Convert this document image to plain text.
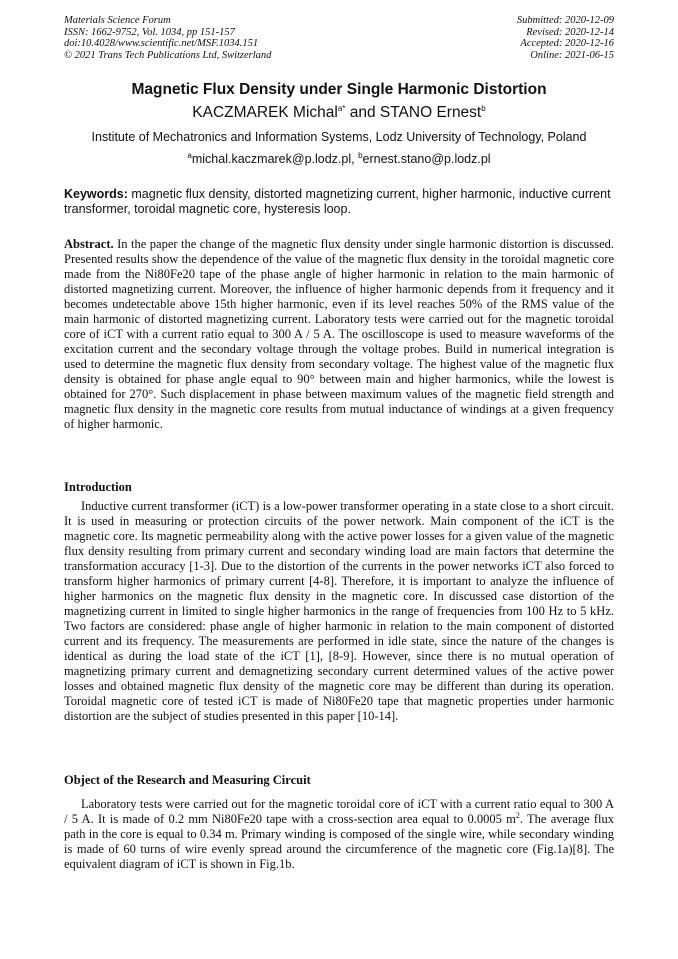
Materials Science Forum
ISSN: 1662-9752, Vol. 1034, pp 151-157
doi:10.4028/www.scientific.net/MSF.1034.151
© 2021 Trans Tech Publications Ltd, Switzerland
Submitted: 2020-12-09
Revised: 2020-12-14
Accepted: 2020-12-16
Online: 2021-06-15
Magnetic Flux Density under Single Harmonic Distortion
KACZMAREK Michal$^{a*}$ and STANO Ernest$^b$
Institute of Mechatronics and Information Systems, Lodz University of Technology, Poland
$^a$michal.kaczmarek@p.lodz.pl, $^b$ernest.stano@p.lodz.pl
Keywords: magnetic flux density, distorted magnetizing current, higher harmonic, inductive current transformer, toroidal magnetic core, hysteresis loop.
Abstract. In the paper the change of the magnetic flux density under single harmonic distortion is discussed. Presented results show the dependence of the value of the magnetic flux density in the toroidal magnetic core made from the Ni80Fe20 tape of the phase angle of higher harmonic in relation to the main harmonic of distorted magnetizing current. Moreover, the influence of higher harmonic depends from it frequency and it becomes undetectable above 15th higher harmonic, even if its level reaches 50% of the RMS value of the main harmonic of distorted magnetizing current. Laboratory tests were carried out for the magnetic toroidal core of iCT with a current ratio equal to 300 A / 5 A. The oscilloscope is used to measure waveforms of the excitation current and the secondary voltage through the voltage probes. Build in numerical integration is used to determine the magnetic flux density from secondary voltage. The highest value of the magnetic flux density is obtained for phase angle equal to 90° between main and higher harmonics, while the lowest is obtained for 270°. Such displacement in phase between maximum values of the magnetic field strength and magnetic flux density in the magnetic core results from mutual inductance of windings at a given frequency of higher harmonic.
Introduction
Inductive current transformer (iCT) is a low-power transformer operating in a state close to a short circuit. It is used in measuring or protection circuits of the power network. Main component of the iCT is the magnetic core. Its magnetic permeability along with the active power losses for a given value of the magnetic flux density resulting from primary current and secondary winding load are main factors that determine the transformation accuracy [1-3]. Due to the distortion of the currents in the power networks iCT also forced to transform higher harmonics of primary current [4-8]. Therefore, it is important to analyze the influence of higher harmonics on the magnetic flux density in the magnetic core. In discussed case distortion of the magnetizing current in limited to single higher harmonics in the range of frequencies from 100 Hz to 5 kHz. Two factors are considered: phase angle of higher harmonic in relation to the main component of distorted current and its frequency. The measurements are performed in idle state, since the nature of the changes is identical as during the load state of the iCT [1], [8-9]. However, since there is no mutual operation of magnetizing primary current and demagnetizing secondary current determined values of the active power losses and obtained magnetic flux density of the magnetic core may be different than during its operation. Toroidal magnetic core of tested iCT is made of Ni80Fe20 tape that magnetic properties under harmonic distortion are the subject of studies presented in this paper [10-14].
Object of the Research and Measuring Circuit
Laboratory tests were carried out for the magnetic toroidal core of iCT with a current ratio equal to 300 A / 5 A. It is made of 0.2 mm Ni80Fe20 tape with a cross-section area equal to 0.0005 $m^2$. The average flux path in the core is equal to 0.34 m. Primary winding is composed of the single wire, while secondary winding is made of 60 turns of wire evenly spread around the circumference of the magnetic core (Fig.1a)[8]. The equivalent diagram of iCT is shown in Fig.1b.
